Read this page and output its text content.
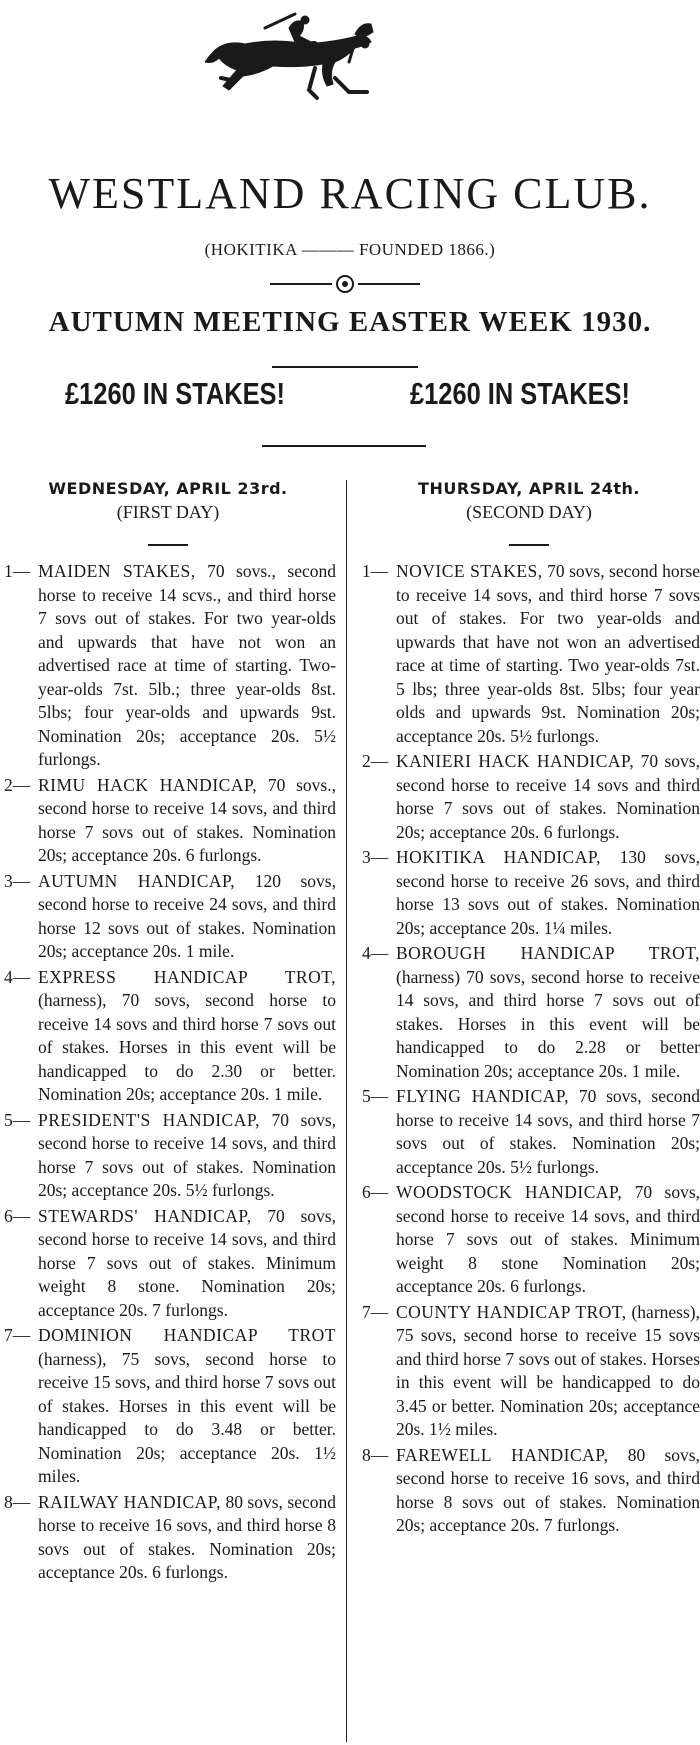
WESTLAND RACING CLUB.
(HOKITIKA ——— FOUNDED 1866.)
AUTUMN MEETING EASTER WEEK 1930.
£1260 IN STAKES!	£1260 IN STAKES!
WEDNESDAY, APRIL 23rd.
(FIRST DAY)
1— MAIDEN STAKES, 70 sovs., second horse to receive 14 scvs., and third horse 7 sovs out of stakes. For two year-olds and upwards that have not won an advertised race at time of starting. Two-year-olds 7st. 5lb.; three year-olds 8st. 5lbs; four year-olds and upwards 9st. Nomination 20s; acceptance 20s. 5½ furlongs.
2— RIMU HACK HANDICAP, 70 sovs., second horse to receive 14 sovs, and third horse 7 sovs out of stakes. Nomination 20s; acceptance 20s. 6 furlongs.
3— AUTUMN HANDICAP, 120 sovs, second horse to receive 24 sovs, and third horse 12 sovs out of stakes. Nomination 20s; acceptance 20s. 1 mile.
4— EXPRESS HANDICAP TROT, (harness), 70 sovs, second horse to receive 14 sovs and third horse 7 sovs out of stakes. Horses in this event will be handicapped to do 2.30 or better. Nomination 20s; acceptance 20s. 1 mile.
5— PRESIDENT'S HANDICAP, 70 sovs, second horse to receive 14 sovs, and third horse 7 sovs out of stakes. Nomination 20s; acceptance 20s. 5½ furlongs.
6— STEWARDS' HANDICAP, 70 sovs, second horse to receive 14 sovs, and third horse 7 sovs out of stakes. Minimum weight 8 stone. Nomination 20s; acceptance 20s. 7 furlongs.
7— DOMINION HANDICAP TROT (harness), 75 sovs, second horse to receive 15 sovs, and third horse 7 sovs out of stakes. Horses in this event will be handicapped to do 3.48 or better. Nomination 20s; acceptance 20s. 1½ miles.
8— RAILWAY HANDICAP, 80 sovs, second horse to receive 16 sovs, and third horse 8 sovs out of stakes. Nomination 20s; acceptance 20s. 6 furlongs.
THURSDAY, APRIL 24th.
(SECOND DAY)
1— NOVICE STAKES, 70 sovs, second horse to receive 14 sovs, and third horse 7 sovs out of stakes. For two year-olds and upwards that have not won an advertised race at time of starting. Two year-olds 7st. 5 lbs; three year-olds 8st. 5lbs; four year olds and upwards 9st. Nomination 20s; acceptance 20s. 5½ furlongs.
2— KANIERI HACK HANDICAP, 70 sovs, second horse to receive 14 sovs and third horse 7 sovs out of stakes. Nomination 20s; acceptance 20s. 6 furlongs.
3— HOKITIKA HANDICAP, 130 sovs, second horse to receive 26 sovs, and third horse 13 sovs out of stakes. Nomination 20s; acceptance 20s. 1¼ miles.
4— BOROUGH HANDICAP TROT, (harness) 70 sovs, second horse to receive 14 sovs, and third horse 7 sovs out of stakes. Horses in this event will be handicapped to do 2.28 or better Nomination 20s; acceptance 20s. 1 mile.
5— FLYING HANDICAP, 70 sovs, second horse to receive 14 sovs, and third horse 7 sovs out of stakes. Nomination 20s; acceptance 20s. 5½ furlongs.
6— WOODSTOCK HANDICAP, 70 sovs, second horse to receive 14 sovs, and third horse 7 sovs out of stakes. Minimum weight 8 stone Nomination 20s; acceptance 20s. 6 furlongs.
7— COUNTY HANDICAP TROT, (harness), 75 sovs, second horse to receive 15 sovs and third horse 7 sovs out of stakes. Horses in this event will be handicapped to do 3.45 or better. Nomination 20s; acceptance 20s. 1½ miles.
8— FAREWELL HANDICAP, 80 sovs, second horse to receive 16 sovs, and third horse 8 sovs out of stakes. Nomination 20s; acceptance 20s. 7 furlongs.
